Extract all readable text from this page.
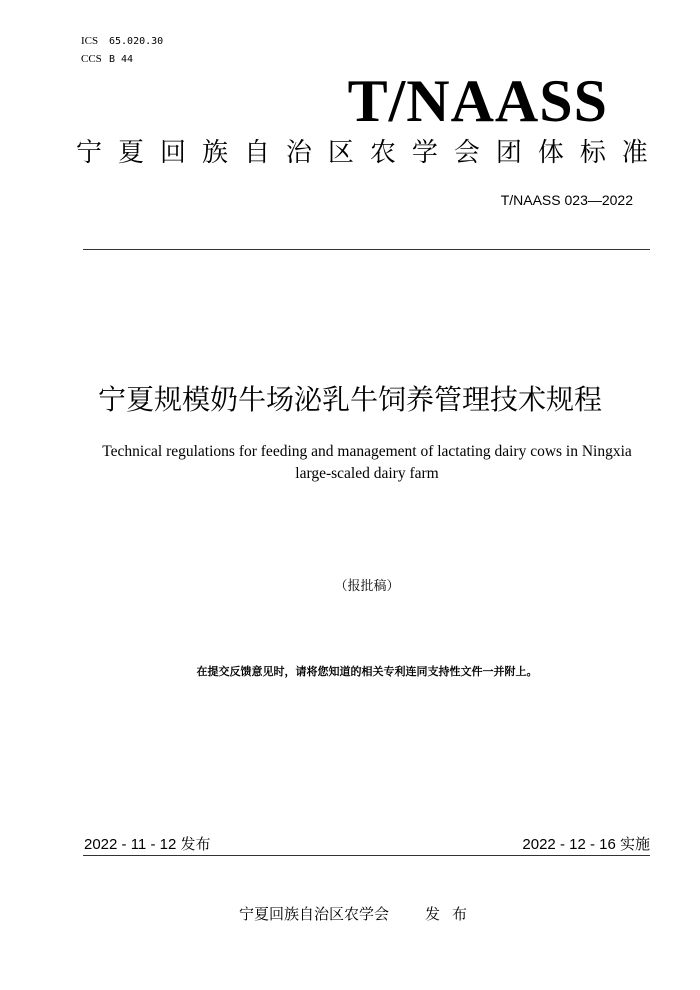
ICS 65.020.30
CCS B 44
T/NAASS
宁 夏 回 族 自 治 区 农 学 会 团 体 标 准
T/NAASS 023—2022
宁夏规模奶牛场泌乳牛饲养管理技术规程
Technical regulations for feeding and management of lactating dairy cows in Ningxia
large-scaled dairy farm
（报批稿）
在提交反馈意见时，请将您知道的相关专利连同支持性文件一并附上。
2022 - 11 - 12 发布	2022 - 12 - 16 实施
宁夏回族自治区农学会 发布
